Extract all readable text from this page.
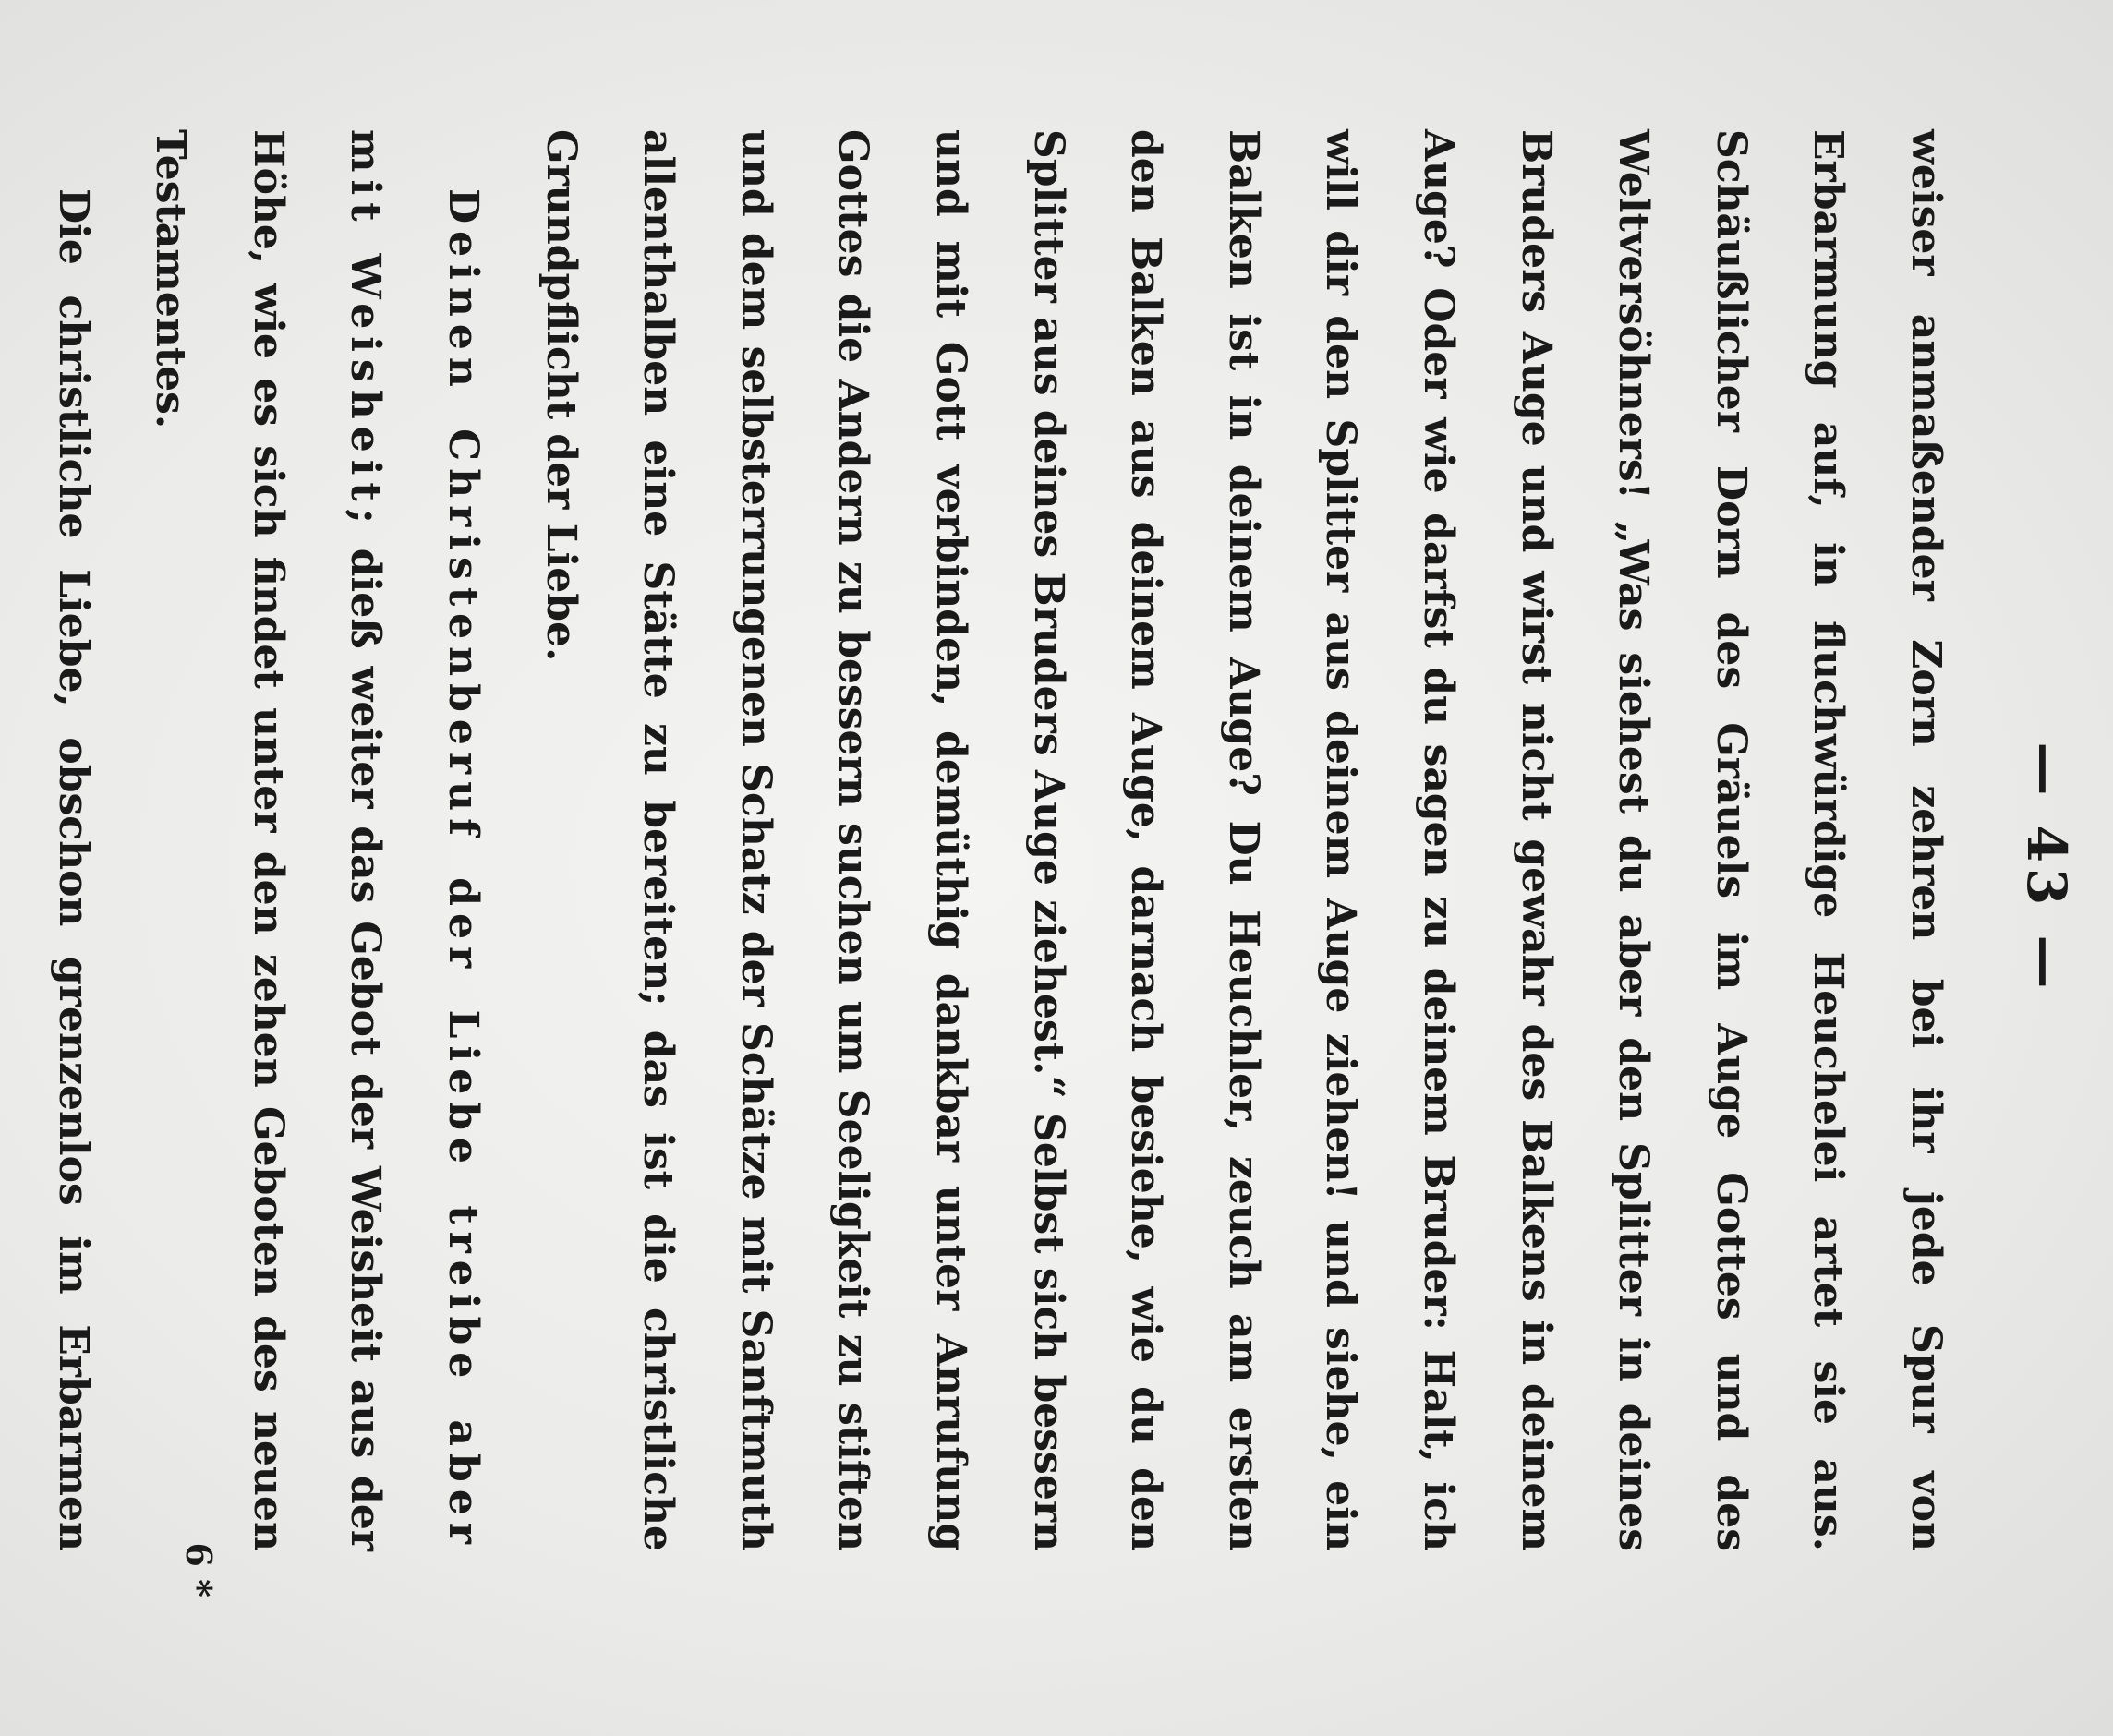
— 43 —

weiser anmaßender Zorn zehren bei ihr jede Spur von Erbarmung auf, in fluchwürdige Heuchelei artet sie aus. Schäußlicher Dorn des Gräuels im Auge Gottes und des Weltversöhners! „Was siehest du aber den Splitter in deines Bruders Auge und wirst nicht gewahr des Balkens in deinem Auge? Oder wie darfst du sagen zu deinem Bruder: Halt, ich will dir den Splitter aus deinem Auge ziehen! und siehe, ein Balken ist in deinem Auge? Du Heuchler, zeuch am ersten den Balken aus deinem Auge, darnach besiehe, wie du den Splitter aus deines Bruders Auge ziehest.“ Selbst sich bessern und mit Gott verbinden, demüthig dankbar unter Anrufung Gottes die Andern zu bessern suchen um Seeligkeit zu stiften und dem selbsterrungenen Schatz der Schätze mit Sanftmuth allenthalben eine Stätte zu bereiten; das ist die christliche Grundpflicht der Liebe.

Deinen Christenberuf der Liebe treibe aber mit Weisheit; dieß weiter das Gebot der Weisheit aus der Höhe, wie es sich findet unter den zehen Geboten des neuen Testamentes.

Die christliche Liebe, obschon grenzenlos im Erbarmen

6 *
